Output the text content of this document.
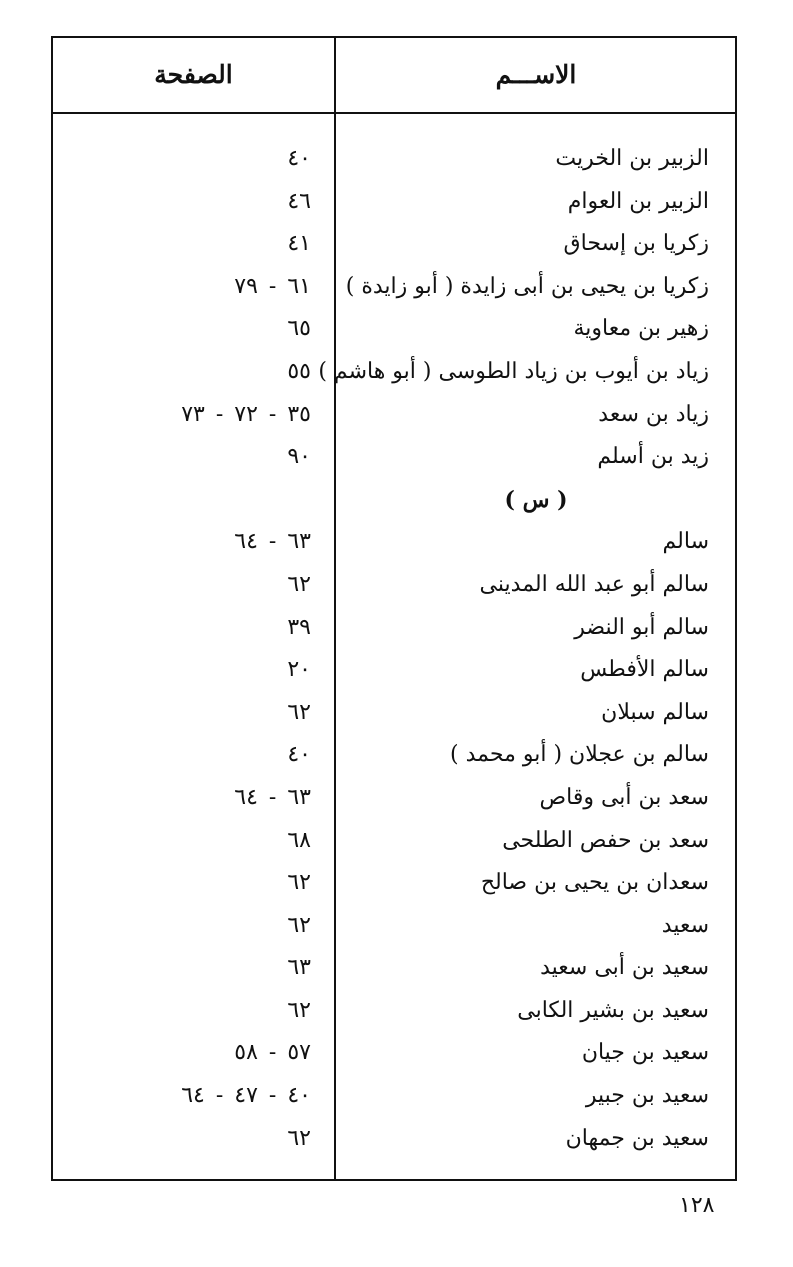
الاســـم
الصفحة
الزبير بن الخريت
٤٠
الزبير بن العوام
٤٦
زكريا بن إسحاق
٤١
زكريا بن يحيى بن أبى زايدة ( أبو زايدة )
٦١ - ٧٩
زهير بن معاوية
٦٥
زياد بن أيوب بن زياد الطوسى ( أبو هاشم )
٥٥
زياد بن سعد
٣٥ - ٧٢ - ٧٣
زيد بن أسلم
٩٠
( س )
سالم
٦٣ - ٦٤
سالم أبو عبد الله المدينى
٦٢
سالم أبو النضر
٣٩
سالم الأفطس
٢٠
سالم سبلان
٦٢
سالم بن عجلان ( أبو محمد )
٤٠
سعد بن أبى وقاص
٦٣ - ٦٤
سعد بن حفص الطلحى
٦٨
سعدان بن يحيى بن صالح
٦٢
سعيد
٦٢
سعيد بن أبى سعيد
٦٣
سعيد بن بشير الكابى
٦٢
سعيد بن جيان
٥٧ - ٥٨
سعيد بن جبير
٤٠ - ٤٧ - ٦٤
سعيد بن جمهان
٦٢
١٢٨
